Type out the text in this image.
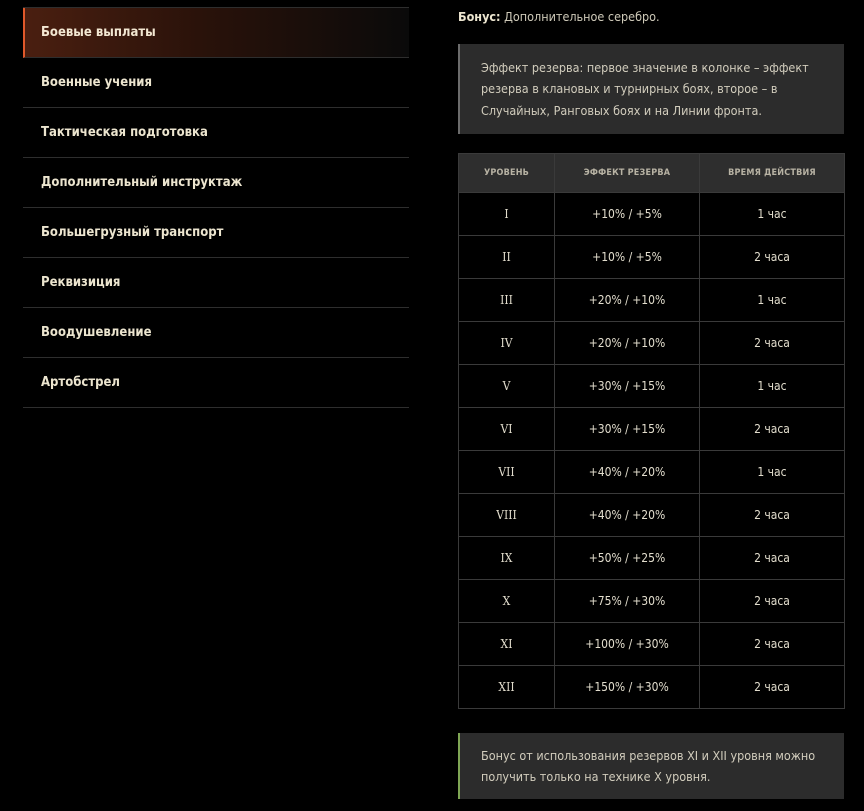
Боевые выплаты
Военные учения
Тактическая подготовка
Дополнительный инструктаж
Большегрузный транспорт
Реквизиция
Воодушевление
Артобстрел
Бонус: Дополнительное серебро.
Эффект резерва: первое значение в колонке – эффект резерва в клановых и турнирных боях, второе – в Случайных, Ранговых боях и на Линии фронта.
УРОВЕНЬ	ЭФФЕКТ РЕЗЕРВА	ВРЕМЯ ДЕЙСТВИЯ
I	+10% / +5%	1 час
II	+10% / +5%	2 часа
III	+20% / +10%	1 час
IV	+20% / +10%	2 часа
V	+30% / +15%	1 час
VI	+30% / +15%	2 часа
VII	+40% / +20%	1 час
VIII	+40% / +20%	2 часа
IX	+50% / +25%	2 часа
X	+75% / +30%	2 часа
XI	+100% / +30%	2 часа
XII	+150% / +30%	2 часа
Бонус от использования резервов XI и XII уровня можно получить только на технике X уровня.
